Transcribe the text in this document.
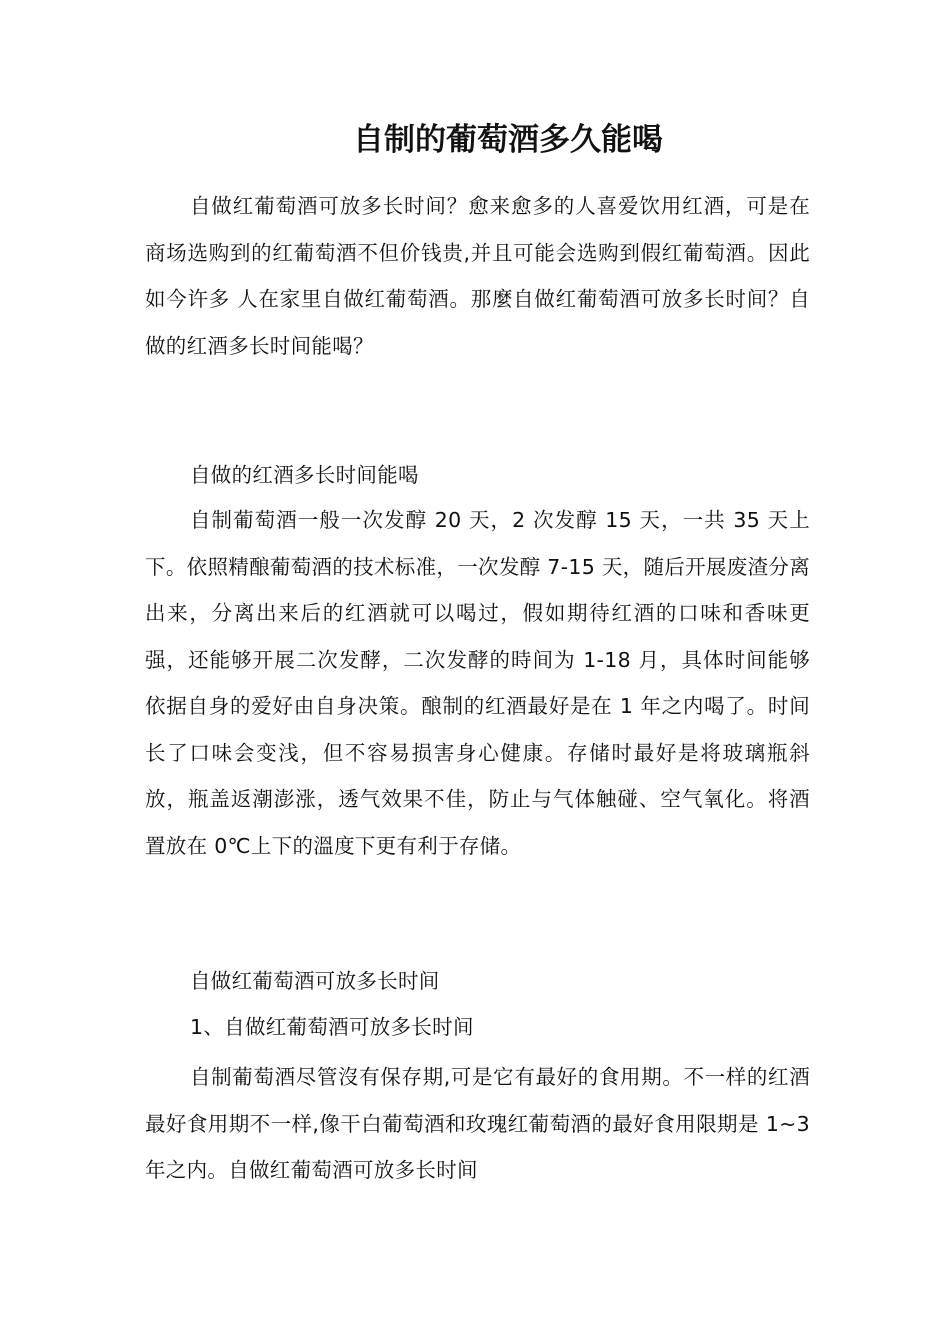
自制的葡萄酒多久能喝

自做红葡萄酒可放多长时间？愈来愈多的人喜爱饮用红酒，可是在商场选购到的红葡萄酒不但价钱贵,并且可能会选购到假红葡萄酒。因此如今许多 人在家里自做红葡萄酒。那麼自做红葡萄酒可放多长时间？自做的红酒多长时间能喝？

自做的红酒多长时间能喝

自制葡萄酒一般一次发醇 20 天，2 次发醇 15 天，一共 35 天上下。依照精酿葡萄酒的技术标准，一次发醇 7-15 天，随后开展废渣分离出来，分离出来后的红酒就可以喝过，假如期待红酒的口味和香味更强，还能够开展二次发酵，二次发酵的時间为 1-18 月，具体时间能够 依据自身的爱好由自身决策。酿制的红酒最好是在 1 年之内喝了。时间长了口味会变浅，但不容易损害身心健康。存储时最好是将玻璃瓶斜放，瓶盖返潮澎涨，透气效果不佳，防止与气体触碰、空气氧化。将酒置放在 0℃上下的溫度下更有利于存储。

自做红葡萄酒可放多长时间

1、自做红葡萄酒可放多长时间

自制葡萄酒尽管沒有保存期,可是它有最好的食用期。不一样的红酒最好食用期不一样,像干白葡萄酒和玫瑰红葡萄酒的最好食用限期是 1~3 年之内。自做红葡萄酒可放多长时间
